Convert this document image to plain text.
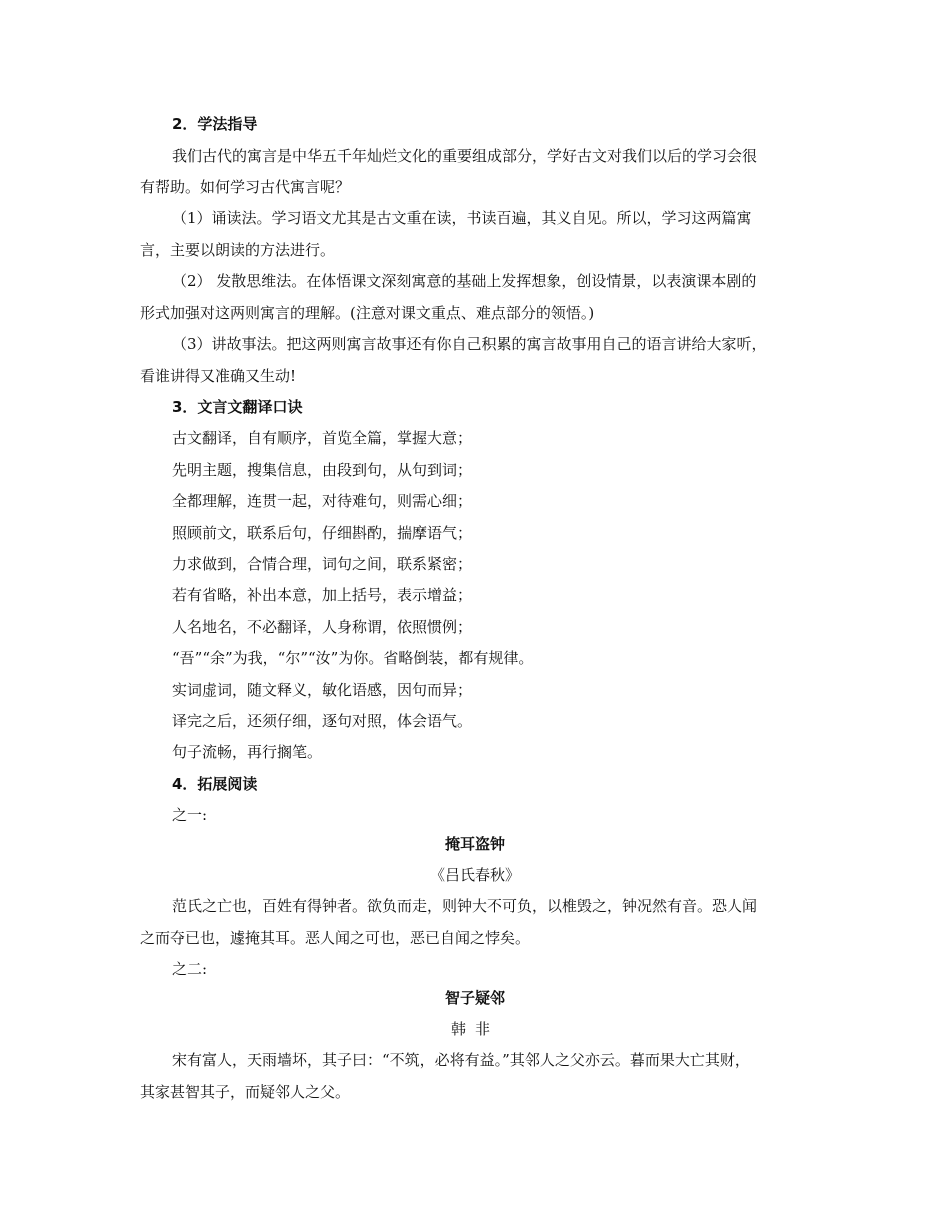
2．学法指导
我们古代的寓言是中华五千年灿烂文化的重要组成部分，学好古文对我们以后的学习会很
有帮助。如何学习古代寓言呢？
（1）诵读法。学习语文尤其是古文重在读，书读百遍，其义自见。所以，学习这两篇寓
言，主要以朗读的方法进行。
（2） 发散思维法。在体悟课文深刻寓意的基础上发挥想象，创设情景，以表演课本剧的
形式加强对这两则寓言的理解。(注意对课文重点、难点部分的领悟。)
（3）讲故事法。把这两则寓言故事还有你自己积累的寓言故事用自己的语言讲给大家听，
看谁讲得又准确又生动!
3．文言文翻译口诀
古文翻译，自有顺序，首览全篇，掌握大意；
先明主题，搜集信息，由段到句，从句到词；
全都理解，连贯一起，对待难句，则需心细；
照顾前文，联系后句，仔细斟酌，揣摩语气；
力求做到，合情合理，词句之间，联系紧密；
若有省略，补出本意，加上括号，表示增益；
人名地名，不必翻译，人身称谓，依照惯例；
“吾”“余”为我，“尔”“汝”为你。省略倒装，都有规律。
实词虚词，随文释义，敏化语感，因句而异；
译完之后，还须仔细，逐句对照，体会语气。
句子流畅，再行搁笔。
4．拓展阅读
之一:
掩耳盗钟
《吕氏春秋》
范氏之亡也，百姓有得钟者。欲负而走，则钟大不可负，以椎毁之，钟况然有音。恐人闻
之而夺已也，遽掩其耳。恶人闻之可也，恶已自闻之悖矣。
之二:
智子疑邻
韩非
宋有富人，天雨墙坏，其子曰：“不筑，必将有益。”其邻人之父亦云。暮而果大亡其财，
其家甚智其子，而疑邻人之父。
